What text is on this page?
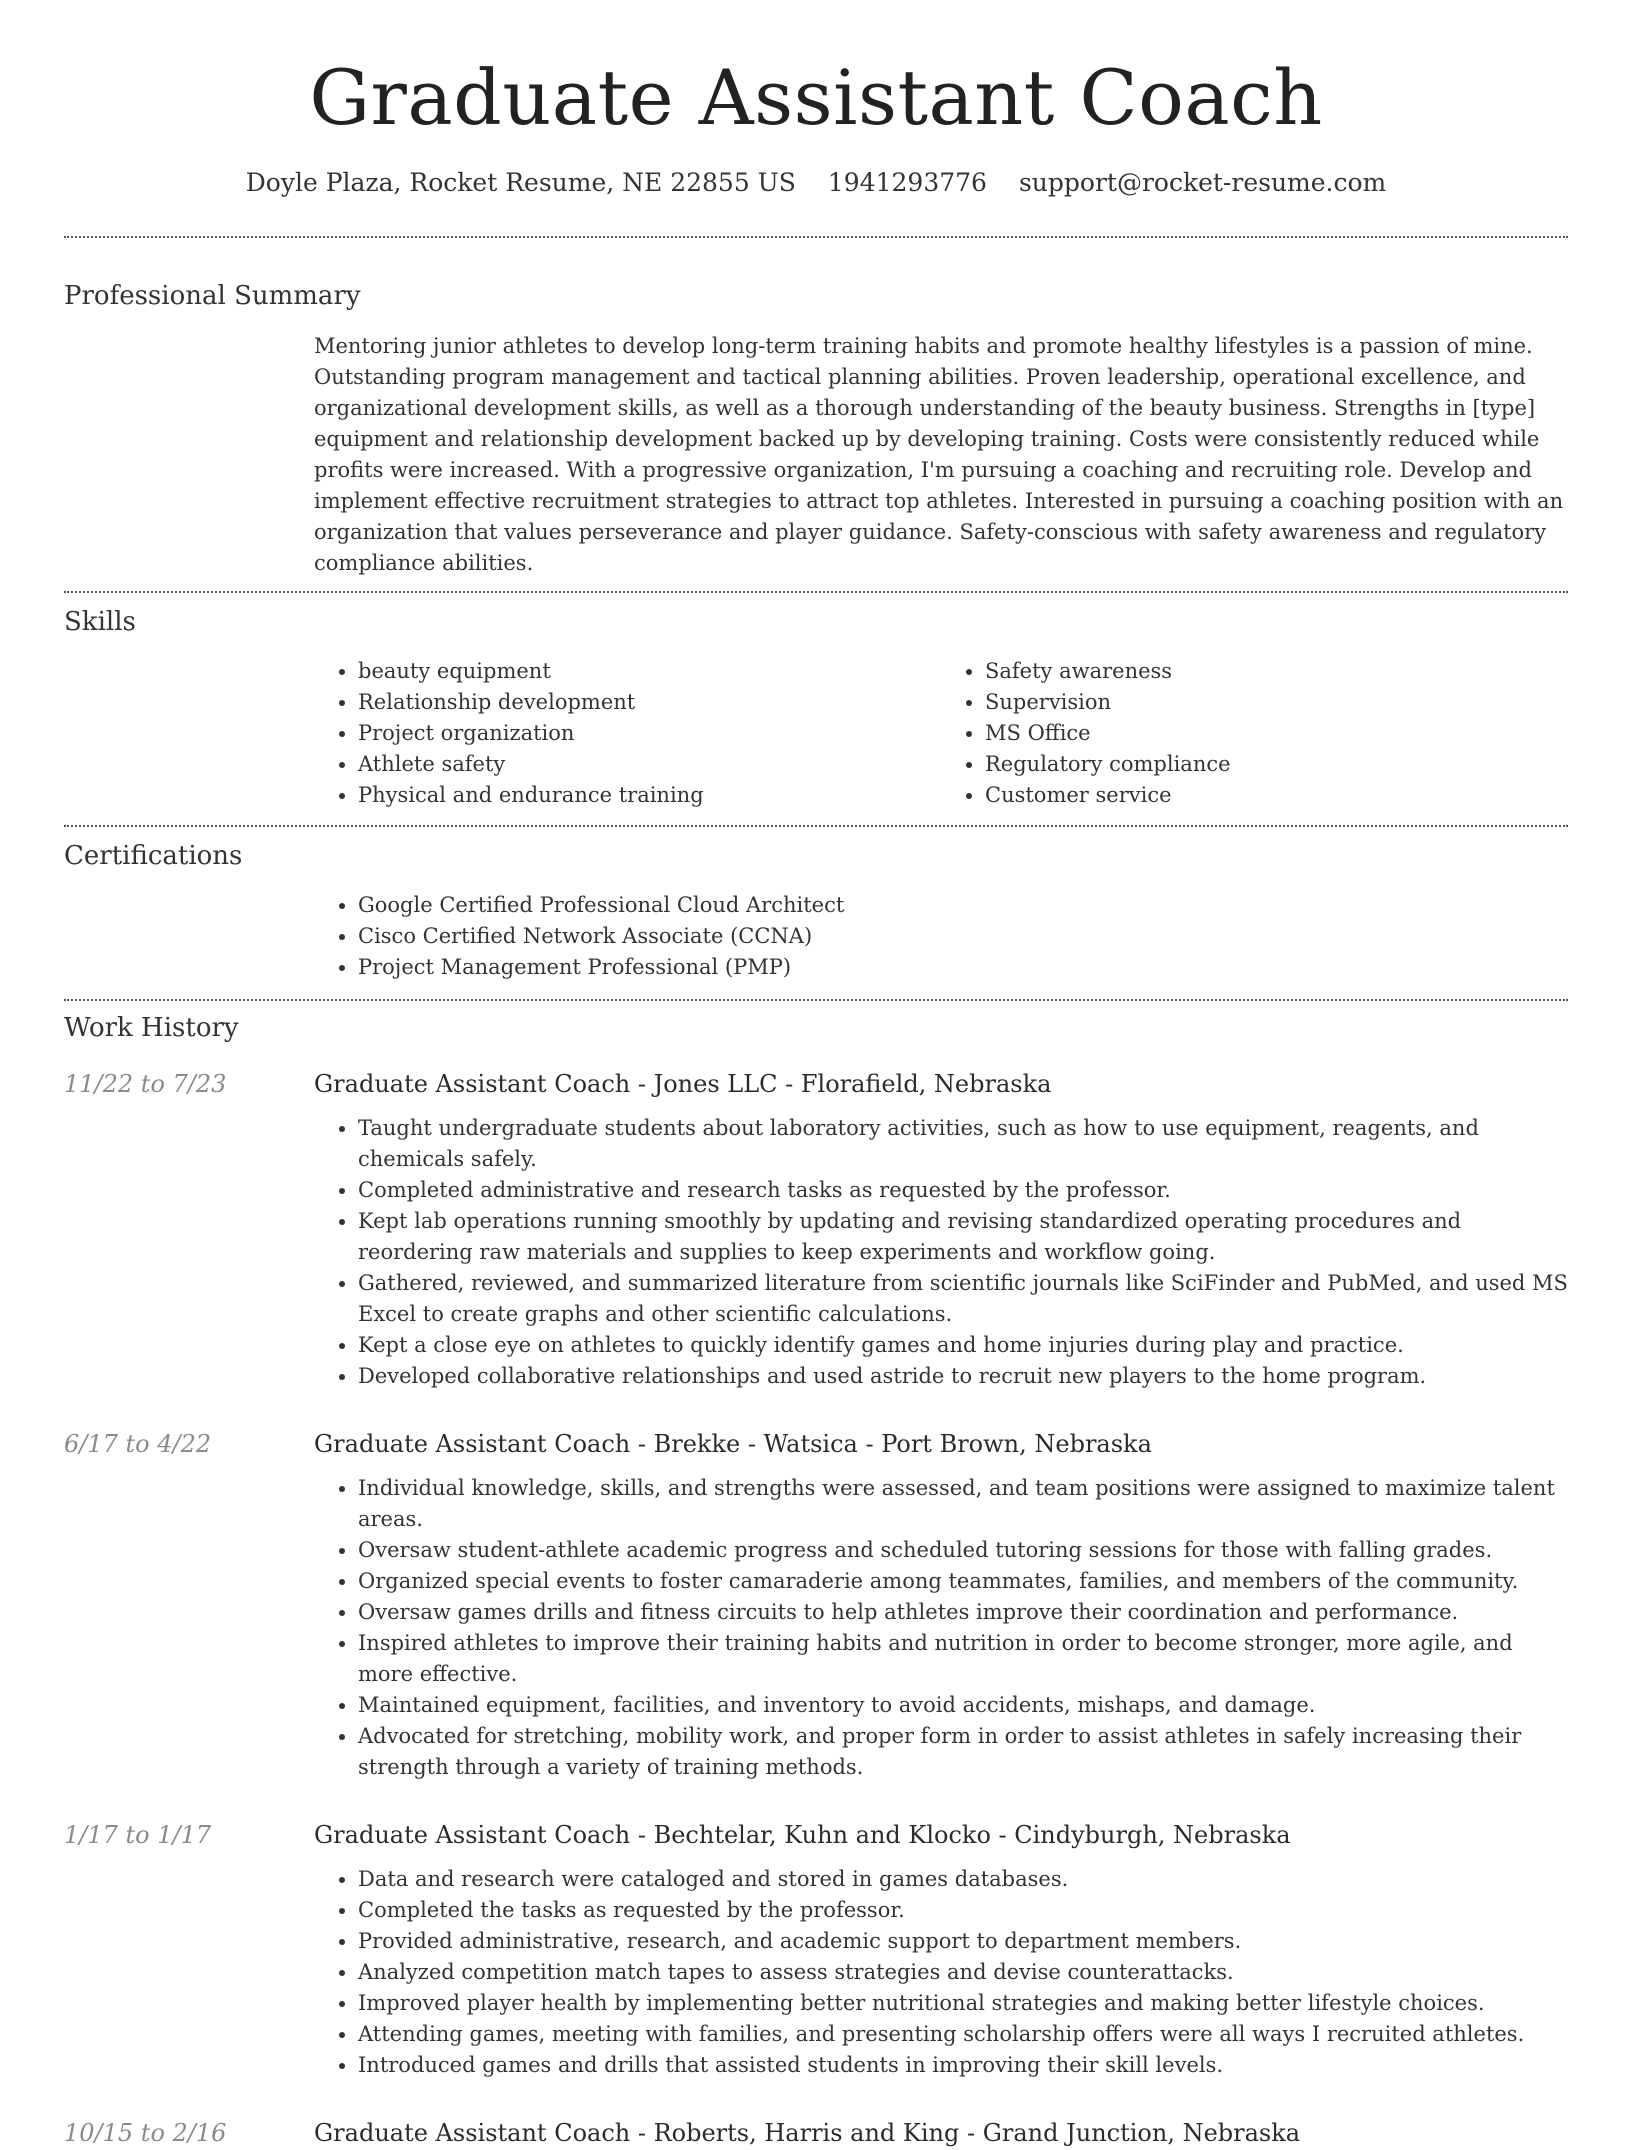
Graduate Assistant Coach
Doyle Plaza, Rocket Resume, NE 22855 US 1941293776 support@rocket-resume.com
Professional Summary

Mentoring junior athletes to develop long-term training habits and promote healthy lifestyles is a passion of mine. Outstanding program management and tactical planning abilities. Proven leadership, operational excellence, and organizational development skills, as well as a thorough understanding of the beauty business. Strengths in [type] equipment and relationship development backed up by developing training. Costs were consistently reduced while profits were increased. With a progressive organization, I'm pursuing a coaching and recruiting role. Develop and implement effective recruitment strategies to attract top athletes. Interested in pursuing a coaching position with an organization that values perseverance and player guidance. Safety-conscious with safety awareness and regulatory compliance abilities.

Skills
• beauty equipment
• Relationship development
• Project organization
• Athlete safety
• Physical and endurance training
• Safety awareness
• Supervision
• MS Office
• Regulatory compliance
• Customer service
Certifications
• Google Certified Professional Cloud Architect
• Cisco Certified Network Associate (CCNA)
• Project Management Professional (PMP)
Work History
11/22 to 7/23	Graduate Assistant Coach - Jones LLC - Florafield, Nebraska
• Taught undergraduate students about laboratory activities, such as how to use equipment, reagents, and chemicals safely.
• Completed administrative and research tasks as requested by the professor.
• Kept lab operations running smoothly by updating and revising standardized operating procedures and reordering raw materials and supplies to keep experiments and workflow going.
• Gathered, reviewed, and summarized literature from scientific journals like SciFinder and PubMed, and used MS Excel to create graphs and other scientific calculations.
• Kept a close eye on athletes to quickly identify games and home injuries during play and practice.
• Developed collaborative relationships and used astride to recruit new players to the home program.
6/17 to 4/22	Graduate Assistant Coach - Brekke - Watsica - Port Brown, Nebraska
• Individual knowledge, skills, and strengths were assessed, and team positions were assigned to maximize talent areas.
• Oversaw student-athlete academic progress and scheduled tutoring sessions for those with falling grades.
• Organized special events to foster camaraderie among teammates, families, and members of the community.
• Oversaw games drills and fitness circuits to help athletes improve their coordination and performance.
• Inspired athletes to improve their training habits and nutrition in order to become stronger, more agile, and more effective.
• Maintained equipment, facilities, and inventory to avoid accidents, mishaps, and damage.
• Advocated for stretching, mobility work, and proper form in order to assist athletes in safely increasing their strength through a variety of training methods.
1/17 to 1/17	Graduate Assistant Coach - Bechtelar, Kuhn and Klocko - Cindyburgh, Nebraska
• Data and research were cataloged and stored in games databases.
• Completed the tasks as requested by the professor.
• Provided administrative, research, and academic support to department members.
• Analyzed competition match tapes to assess strategies and devise counterattacks.
• Improved player health by implementing better nutritional strategies and making better lifestyle choices.
• Attending games, meeting with families, and presenting scholarship offers were all ways I recruited athletes.
• Introduced games and drills that assisted students in improving their skill levels.
10/15 to 2/16	Graduate Assistant Coach - Roberts, Harris and King - Grand Junction, Nebraska
